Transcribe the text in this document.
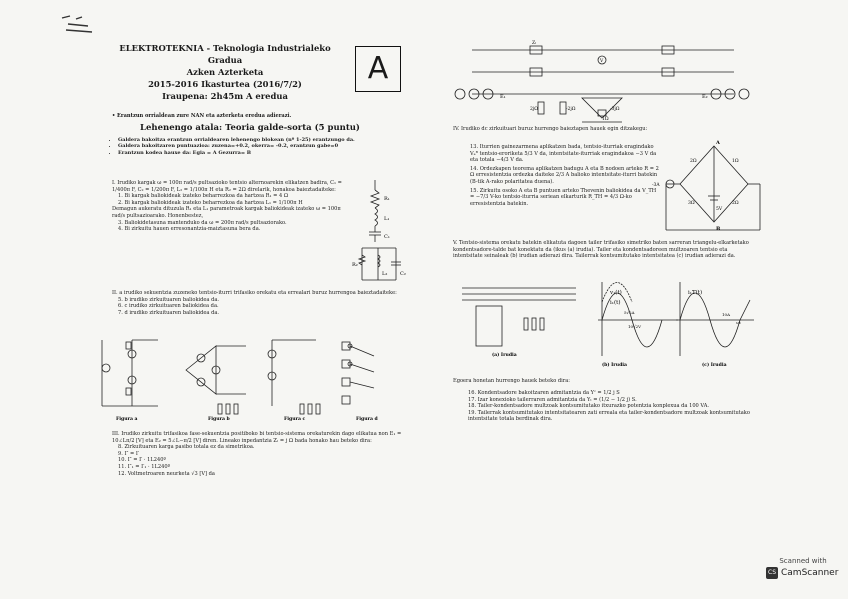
ELEKTROTEKNIA - Teknologia Industrialeko Gradua
Azken Azterketa
2015-2016 Ikasturtea (2016/7/2)
Iraupena: 2h45m A eredua
A
• Erantzun orrialdean zure NAN eta azterketa eredua adierazi.
Lehenengo atala: Teoria galde-sorta (5 puntu)
• Galdera bakoitza erantzun orrialdearen lehenengo blokean (nº 1-25) erantzungo da.
• Galdera bakoitzaren puntuazioa: zuzena=+0.2, okerra= -0.2, erantzun gabe=0
• Erantzun kodea hauxe da: Egia = A Gezurra= B
I. Irudiko kargak ω = 100π rad/s pultsazioko tentsio alternoarekin elikatzen badira, C₁ = 1/400π F, C₂ = 1/200π F, L₂ = 1/100π H eta R₂ = 2Ω direlarik, honakoa baieztadaiteke:
1. Bi kargak baliokideak izateko beharrezkoa da hartzea R₁ = 4 Ω
2. Bi kargak baliokideak izateko beharrezkoa da hartzea L₁ = 1/100π H
Demagun aukeratu dituzula R₁ eta L₁ parametroak kargak baliokideak izateko ω = 100π rad/s pultsazioarako. Honenbestez,
3. Baliokidetasuna mantenduko da ω = 200π rad/s pultsaziorako.
4. Bi zirkuitu hauen erresonantzia-maiztasuna bera da.
R₁
L₁
C₁
R₂
L₂	C₂
II. a irudiko sekuentzia zuzeneko tentsio-iturri trifasiko orekatu eta errealari buruz hurrengoa baieztadaiteke:
5. b irudiko zirkuituaren baliokidea da.
6. c irudiko zirkuituaren baliokidea da.
7. d irudiko zirkuituaren baliokidea da.
Figura a	Figura b	Figura c	Figura d
III. Irudiko zirkuitu trifasikoa fase-sekuentzia positiboko bi tentsio-sistema orekaturekin dago elikatua non E₁ = 10∠Lπ/2 [V] eta E₂ = 5∠L−π/2 [V] diren. Lineako inpedantzia Zₗ = j Ω bada honako hau beteko dira:
8. Zirkuituaren karga pasibo totala ez da simetrikoa.
9. I″ = I′
10. I″ = I′ · 1L240º
11. I″₁ = I′₁ · 1L240º
12. Voltmetroaren neurketa √3 [V] da
E₁	E₂
Zₗ
2jΩ	-2jΩ	-3jΩ
1Ω
V
IV. Irudiko dc zirkuituari buruz hurrengo baieztapen hauek egin ditzakegu:
13. Iturrien gainezarmena aplikatzen bada, tentsio-iturriak eragindako Vₐᴮ tentsio-eroriketa 5/3 V da, intentsitate-iturriak eragindakoa −3 V da eta totala −4/3 V da.
14. Ordezkapen teorema aplikatzen badugu A eta B nodoen arteko R = 2 Ω erresistentzia ordezka daiteke 2/3 A balioko intentsitate-iturri batekin (B-tik A-rako polaritatea duena).
15. Zirkuitu osoko A eta B puntuen arteko Thevenin baliokidea da V_TH = −7/3 V-ko tentsio-iturria seriean elkarturik R_TH = 4/3 Ω-ko erresistentzia batekin.
A
B
2Ω	1Ω
3Ω	2Ω
5V
-3A
V. Tentsio-sistema orekatu batekin elikatuta dagoen tailer trifasiko simetriko baten sarreran triangelu-elkarketako kondentsadore-talde bat konektatu da (ikus (a) irudia). Tailer eta kondentsadoreen multzoaren tentsio eta intentsitate seinaleak (b) irudian adierazi dira. Tailerrak kontsumitutako intentsitatea (c) irudian adierazi da.
v₁(t)
i₁(t)
i₁T(t)
5√2A
10√2V
10A
ωt
(a) Irudia
(b) Irudia	(c) Irudia
Egoera honetan hurrengo hauek beteko dira:
16. Kondentsadore bakoitzaren admitantzia da Yᶜ = 1/2 j S
17. Izar konexioko tailerraren admitantzia da Yₜ = (1/2 − 1/2 j) S.
18. Tailer-kondentsadore multzoak kontsumitutako itxurazko potentzia konplexua da 100 VA.
19. Tailerrak kontsumitutako intentsitatearen zati erreala eta tailer-kondentsadore multzoak kontsumitutako intentsitate totala berdinak dira.
Scanned with
CS CamScanner
